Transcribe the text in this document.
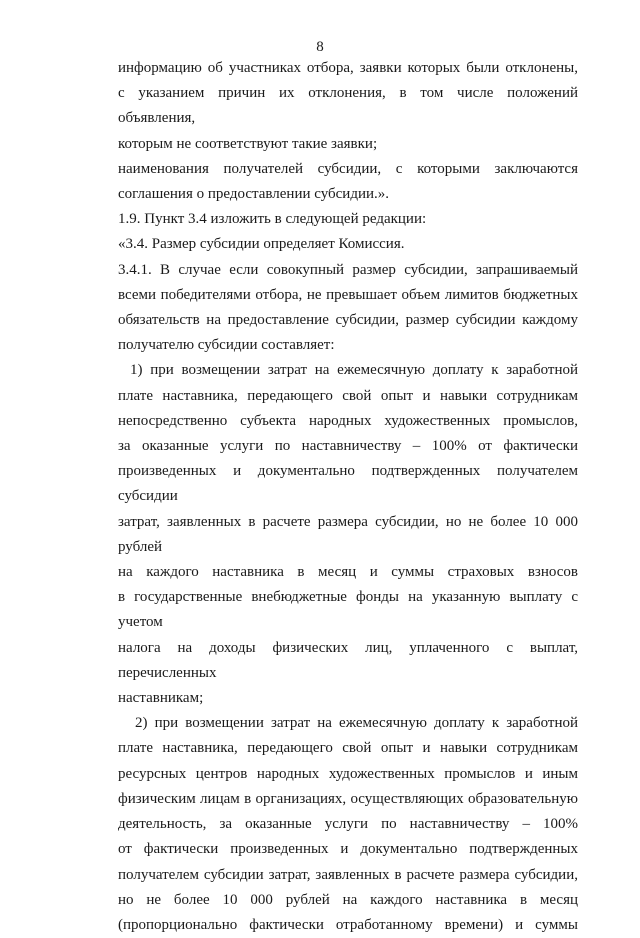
8

информацию об участниках отбора, заявки которых были отклонены,

с указанием причин их отклонения, в том числе положений объявления,

которым не соответствуют такие заявки;

наименования получателей субсидии, с которыми заключаются

соглашения о предоставлении субсидии.».

1.9. Пункт 3.4 изложить в следующей редакции:

«3.4. Размер субсидии определяет Комиссия.

3.4.1. В случае если совокупный размер субсидии, запрашиваемый

всеми победителями отбора, не превышает объем лимитов бюджетных

обязательств на предоставление субсидии, размер субсидии каждому

получателю субсидии составляет:

1) при возмещении затрат на ежемесячную доплату к заработной

плате наставника, передающего свой опыт и навыки сотрудникам

непосредственно субъекта народных художественных промыслов,

за оказанные услуги по наставничеству – 100% от фактически

произведенных и документально подтвержденных получателем субсидии

затрат, заявленных в расчете размера субсидии, но не более 10 000 рублей

на каждого наставника в месяц и суммы страховых взносов

в государственные внебюджетные фонды на указанную выплату с учетом

налога на доходы физических лиц, уплаченного с выплат, перечисленных

наставникам;

2) при возмещении затрат на ежемесячную доплату к заработной

плате наставника, передающего свой опыт и навыки сотрудникам

ресурсных центров народных художественных промыслов и иным

физическим лицам в организациях, осуществляющих образовательную

деятельность, за оказанные услуги по наставничеству – 100%

от фактически произведенных и документально подтвержденных

получателем субсидии затрат, заявленных в расчете размера субсидии,

но не более 10 000 рублей на каждого наставника в месяц

(пропорционально фактически отработанному времени) и суммы
